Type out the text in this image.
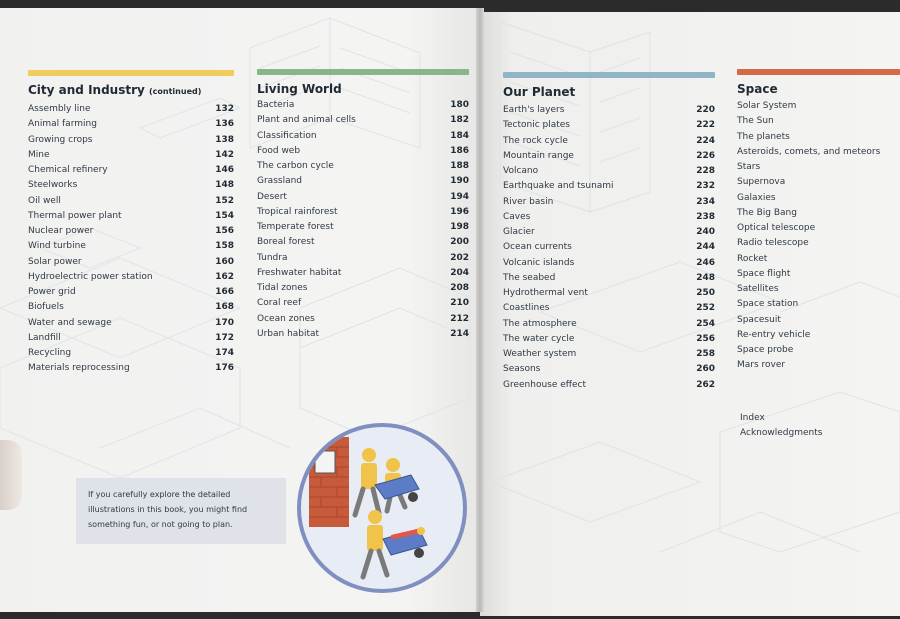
City and Industry (continued)
Assembly line	132
Animal farming	136
Growing crops	138
Mine	142
Chemical refinery	146
Steelworks	148
Oil well	152
Thermal power plant	154
Nuclear power	156
Wind turbine	158
Solar power	160
Hydroelectric power station	162
Power grid	166
Biofuels	168
Water and sewage	170
Landfill	172
Recycling	174
Materials reprocessing	176
Living World
Bacteria	180
Plant and animal cells	182
Classification	184
Food web	186
The carbon cycle	188
Grassland	190
Desert	194
Tropical rainforest	196
Temperate forest	198
Boreal forest	200
Tundra	202
Freshwater habitat	204
Tidal zones	208
Coral reef	210
Ocean zones	212
Urban habitat	214
Our Planet
Earth's layers	220
Tectonic plates	222
The rock cycle	224
Mountain range	226
Volcano	228
Earthquake and tsunami	232
River basin	234
Caves	238
Glacier	240
Ocean currents	244
Volcanic islands	246
The seabed	248
Hydrothermal vent	250
Coastlines	252
The atmosphere	254
The water cycle	256
Weather system	258
Seasons	260
Greenhouse effect	262
Space
Solar System
The Sun
The planets
Asteroids, comets, and meteors
Stars
Supernova
Galaxies
The Big Bang
Optical telescope
Radio telescope
Rocket
Space flight
Satellites
Space station
Spacesuit
Re-entry vehicle
Space probe
Mars rover
Index
Acknowledgments

If you carefully explore the detailed illustrations in this book, you might find something fun, or not going to plan.
